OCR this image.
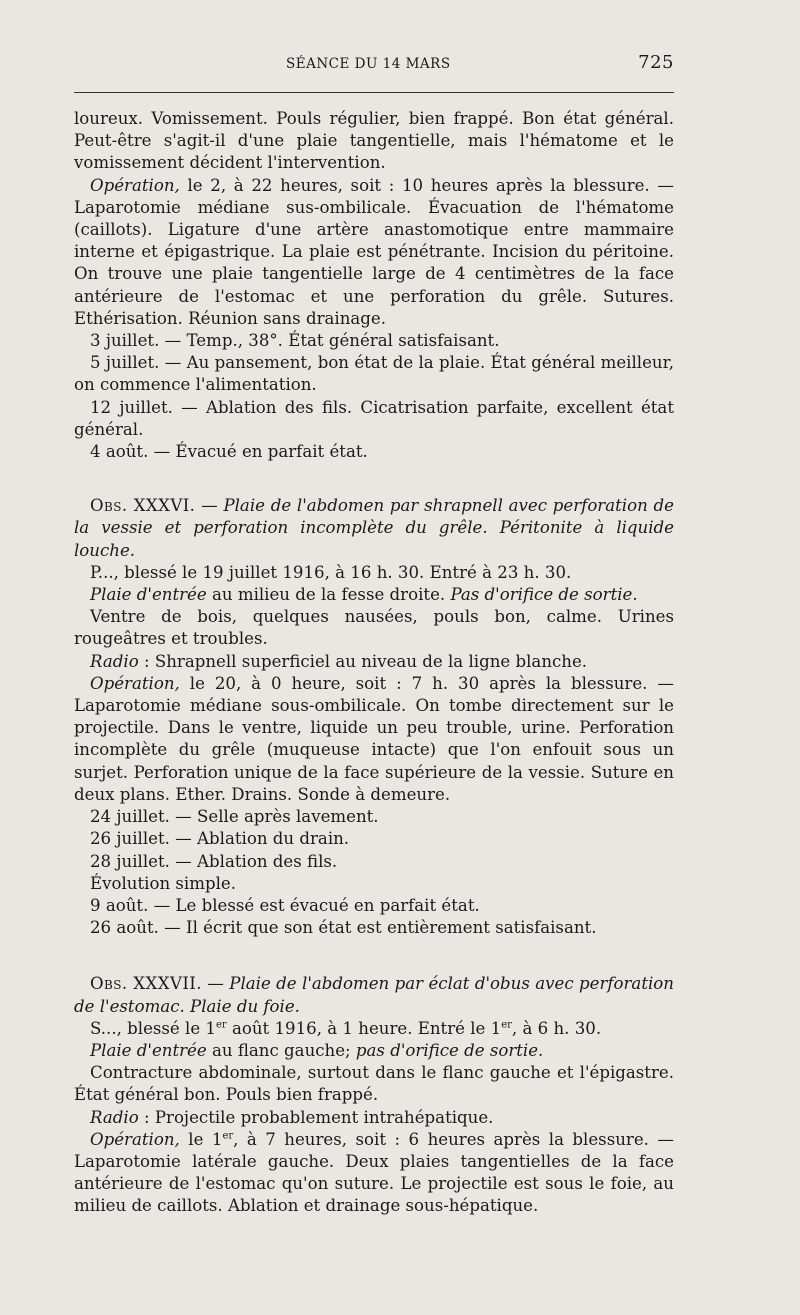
SÉANCE DU 14 MARS	725

loureux. Vomissement. Pouls régulier, bien frappé. Bon état général. Peut-être s'agit-il d'une plaie tangentielle, mais l'hématome et le vomissement décident l'intervention.

Opération, le 2, à 22 heures, soit : 10 heures après la blessure. — Laparotomie médiane sus-ombilicale. Évacuation de l'hématome (caillots). Ligature d'une artère anastomotique entre mammaire interne et épigastrique. La plaie est pénétrante. Incision du péritoine. On trouve une plaie tangentielle large de 4 centimètres de la face antérieure de l'estomac et une perforation du grêle. Sutures. Ethérisation. Réunion sans drainage.

3 juillet. — Temp., 38°. État général satisfaisant.

5 juillet. — Au pansement, bon état de la plaie. État général meilleur, on commence l'alimentation.

12 juillet. — Ablation des fils. Cicatrisation parfaite, excellent état général.

4 août. — Évacué en parfait état.

Obs. XXXVI. — Plaie de l'abdomen par shrapnell avec perforation de la vessie et perforation incomplète du grêle. Péritonite à liquide louche.

P..., blessé le 19 juillet 1916, à 16 h. 30. Entré à 23 h. 30.

Plaie d'entrée au milieu de la fesse droite. Pas d'orifice de sortie.

Ventre de bois, quelques nausées, pouls bon, calme. Urines rougeâtres et troubles.

Radio : Shrapnell superficiel au niveau de la ligne blanche.

Opération, le 20, à 0 heure, soit : 7 h. 30 après la blessure. — Laparotomie médiane sous-ombilicale. On tombe directement sur le projectile. Dans le ventre, liquide un peu trouble, urine. Perforation incomplète du grêle (muqueuse intacte) que l'on enfouit sous un surjet. Perforation unique de la face supérieure de la vessie. Suture en deux plans. Ether. Drains. Sonde à demeure.

24 juillet. — Selle après lavement.

26 juillet. — Ablation du drain.

28 juillet. — Ablation des fils.

Évolution simple.

9 août. — Le blessé est évacué en parfait état.

26 août. — Il écrit que son état est entièrement satisfaisant.

Obs. XXXVII. — Plaie de l'abdomen par éclat d'obus avec perforation de l'estomac. Plaie du foie.

S..., blessé le 1er août 1916, à 1 heure. Entré le 1er, à 6 h. 30.

Plaie d'entrée au flanc gauche; pas d'orifice de sortie.

Contracture abdominale, surtout dans le flanc gauche et l'épigastre. État général bon. Pouls bien frappé.

Radio : Projectile probablement intrahépatique.

Opération, le 1er, à 7 heures, soit : 6 heures après la blessure. — Laparotomie latérale gauche. Deux plaies tangentielles de la face antérieure de l'estomac qu'on suture. Le projectile est sous le foie, au milieu de caillots. Ablation et drainage sous-hépatique.
